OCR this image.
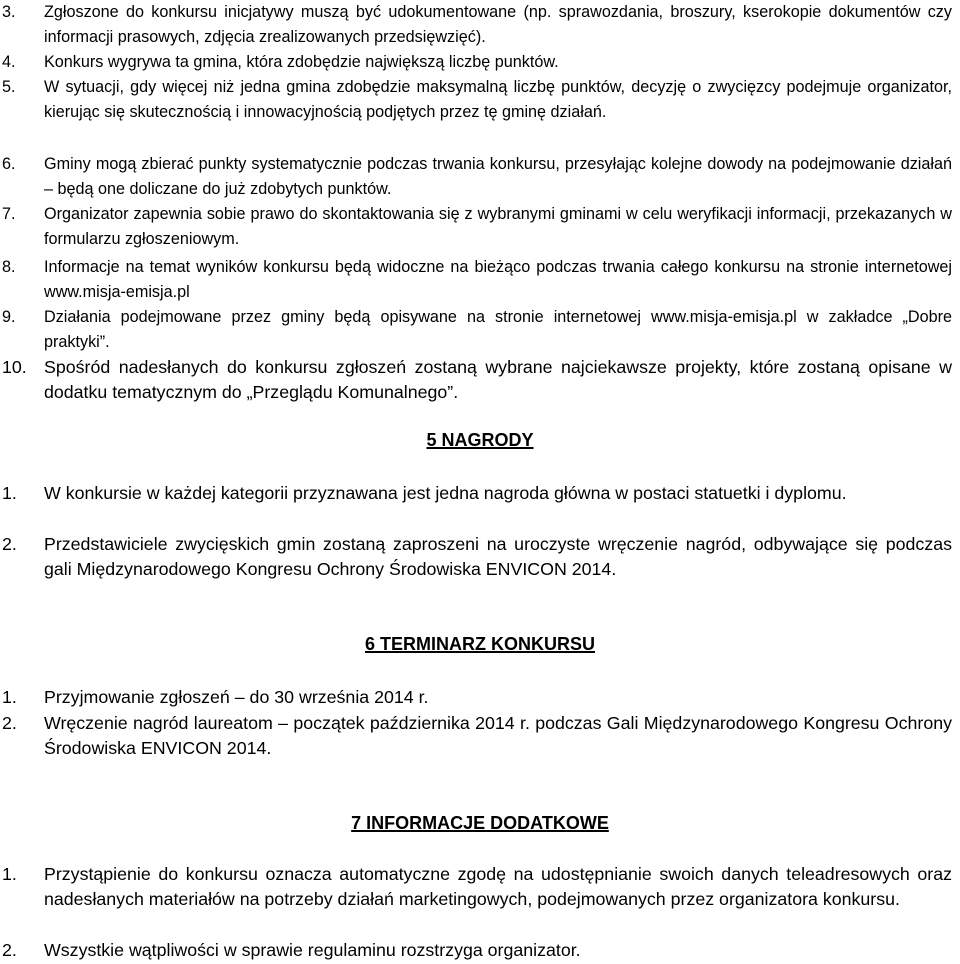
3.	Zgłoszone do konkursu inicjatywy muszą być udokumentowane (np. sprawozdania, broszury, kserokopie dokumentów czy informacji prasowych, zdjęcia zrealizowanych przedsięwzięć).
4.	Konkurs wygrywa ta gmina, która zdobędzie największą liczbę punktów.
5.	W sytuacji, gdy więcej niż jedna gmina zdobędzie maksymalną liczbę punktów, decyzję o zwycięzcy podejmuje organizator, kierując się skutecznością i innowacyjnością podjętych przez tę gminę działań.
6.	Gminy mogą zbierać punkty systematycznie podczas trwania konkursu, przesyłając kolejne dowody na podejmowanie działań – będą one doliczane do już zdobytych punktów.
7.	Organizator zapewnia sobie prawo do skontaktowania się z wybranymi gminami w celu weryfikacji informacji, przekazanych w formularzu zgłoszeniowym.
8.	Informacje na temat wyników konkursu będą widoczne na bieżąco podczas trwania całego konkursu na stronie internetowej www.misja-emisja.pl
9.	Działania podejmowane przez gminy będą opisywane na stronie internetowej www.misja-emisja.pl w zakładce „Dobre praktyki”.
10. Spośród nadesłanych do konkursu zgłoszeń zostaną wybrane najciekawsze projekty, które zostaną opisane w dodatku tematycznym do „Przeglądu Komunalnego”.
5 NAGRODY
1.	W konkursie w każdej kategorii przyznawana jest jedna nagroda główna w postaci statuetki i dyplomu.
2.	Przedstawiciele zwycięskich gmin zostaną zaproszeni na uroczyste wręczenie nagród, odbywające się podczas gali Międzynarodowego Kongresu Ochrony Środowiska ENVICON 2014.
6 TERMINARZ KONKURSU
1.	Przyjmowanie zgłoszeń – do 30 września 2014 r.
2.	Wręczenie nagród laureatom – początek października 2014 r. podczas Gali Międzynarodowego Kongresu Ochrony Środowiska ENVICON 2014.
7 INFORMACJE DODATKOWE
1.	Przystąpienie do konkursu oznacza automatyczne zgodę na udostępnianie swoich danych teleadresowych oraz nadesłanych materiałów na potrzeby działań marketingowych, podejmowanych przez organizatora konkursu.
2.	Wszystkie wątpliwości w sprawie regulaminu rozstrzyga organizator.
